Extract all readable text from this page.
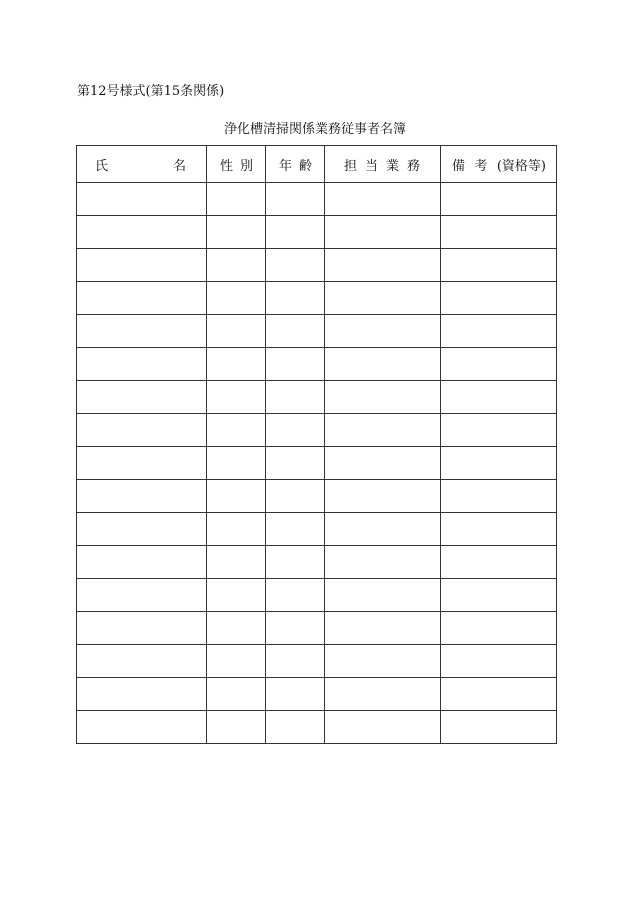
第12号様式(第15条関係)
浄化槽清掃関係業務従事者名簿
氏 名	性 別	年 齢	担 当 業 務	備 考 (資格等)
